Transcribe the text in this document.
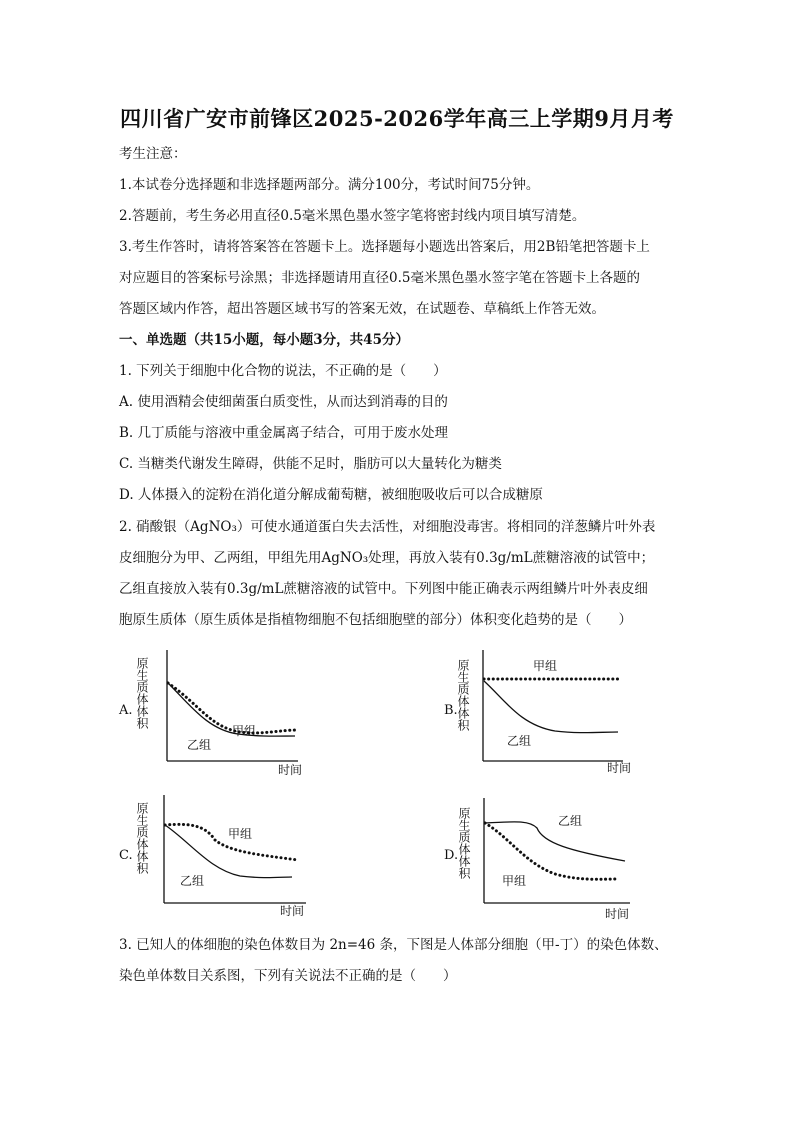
四川省广安市前锋区2025-2026学年高三上学期9月月考
考生注意：
1.本试卷分选择题和非选择题两部分。满分100分，考试时间75分钟。
2.答题前，考生务必用直径0.5毫米黑色墨水签字笔将密封线内项目填写清楚。
3.考生作答时，请将答案答在答题卡上。选择题每小题选出答案后，用2B铅笔把答题卡上
对应题目的答案标号涂黑；非选择题请用直径0.5毫米黑色墨水签字笔在答题卡上各题的
答题区域内作答，超出答题区域书写的答案无效，在试题卷、草稿纸上作答无效。
一、单选题（共15小题，每小题3分，共45分）
1. 下列关于细胞中化合物的说法，不正确的是（　　）
A. 使用酒精会使细菌蛋白质变性，从而达到消毒的目的
B. 几丁质能与溶液中重金属离子结合，可用于废水处理
C. 当糖类代谢发生障碍，供能不足时，脂肪可以大量转化为糖类
D. 人体摄入的淀粉在消化道分解成葡萄糖，被细胞吸收后可以合成糖原
2. 硝酸银（AgNO₃）可使水通道蛋白失去活性，对细胞没毒害。将相同的洋葱鳞片叶外表
皮细胞分为甲、乙两组，甲组先用AgNO₃处理，再放入装有0.3g/mL蔗糖溶液的试管中；
乙组直接放入装有0.3g/mL蔗糖溶液的试管中。下列图中能正确表示两组鳞片叶外表皮细
胞原生质体（原生质体是指植物细胞不包括细胞壁的部分）体积变化趋势的是（　　）
A. 原生质体体积
时间
甲组
乙组
B.
原生质体体积
时间
甲组
乙组
C. 原生质体体积
时间
甲组
乙组
D.
原生质体体积
时间
乙组
甲组
3. 已知人的体细胞的染色体数目为 2n=46 条，下图是人体部分细胞（甲-丁）的染色体数、
染色单体数目关系图，下列有关说法不正确的是（　　）
